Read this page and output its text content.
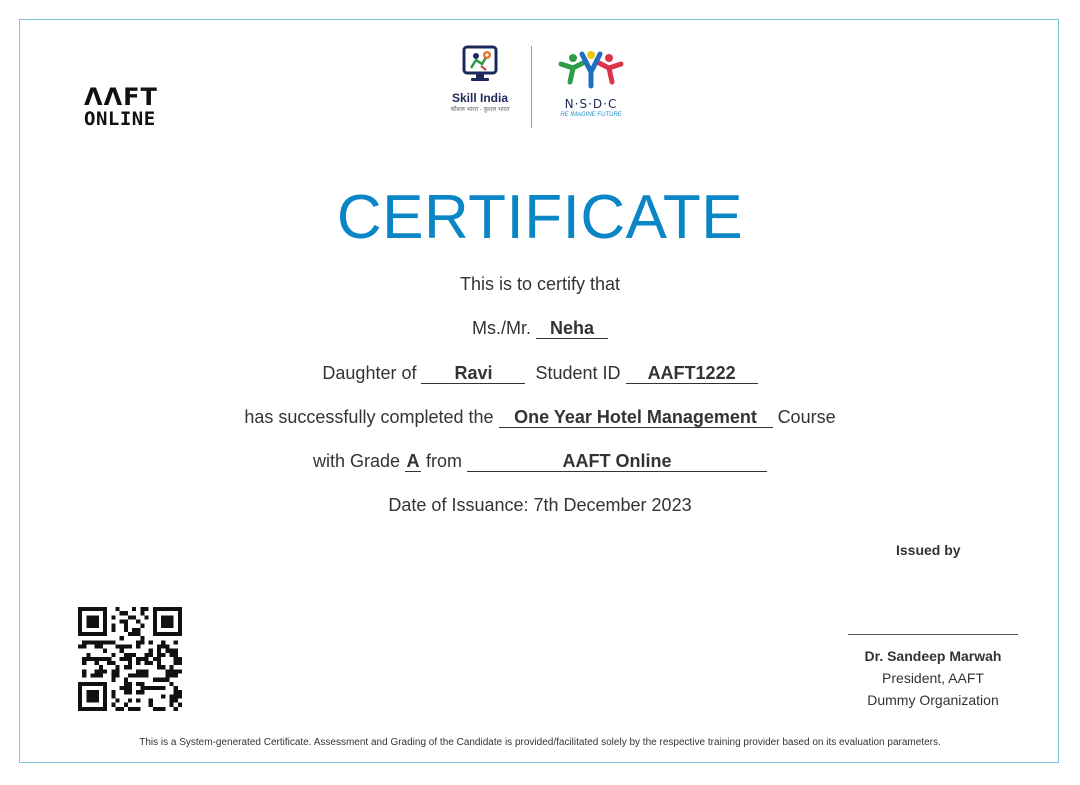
ΛΛFT
ONLINE
Skill India
कौशल भारत - कुशल भारत	N·S·D·C
RE IMAGINE FUTURE
CERTIFICATE
This is to certify that
Ms./Mr. Neha
Daughter of Ravi Student ID AAFT1222
has successfully completed the One Year Hotel Management Course
with Grade A from	AAFT Online
Date of Issuance: 7th December 2023
Issued by
Dr. Sandeep Marwah
President, AAFT
Dummy Organization
This is a System-generated Certificate. Assessment and Grading of the Candidate is provided/facilitated solely by the respective training provider based on its evaluation parameters.
